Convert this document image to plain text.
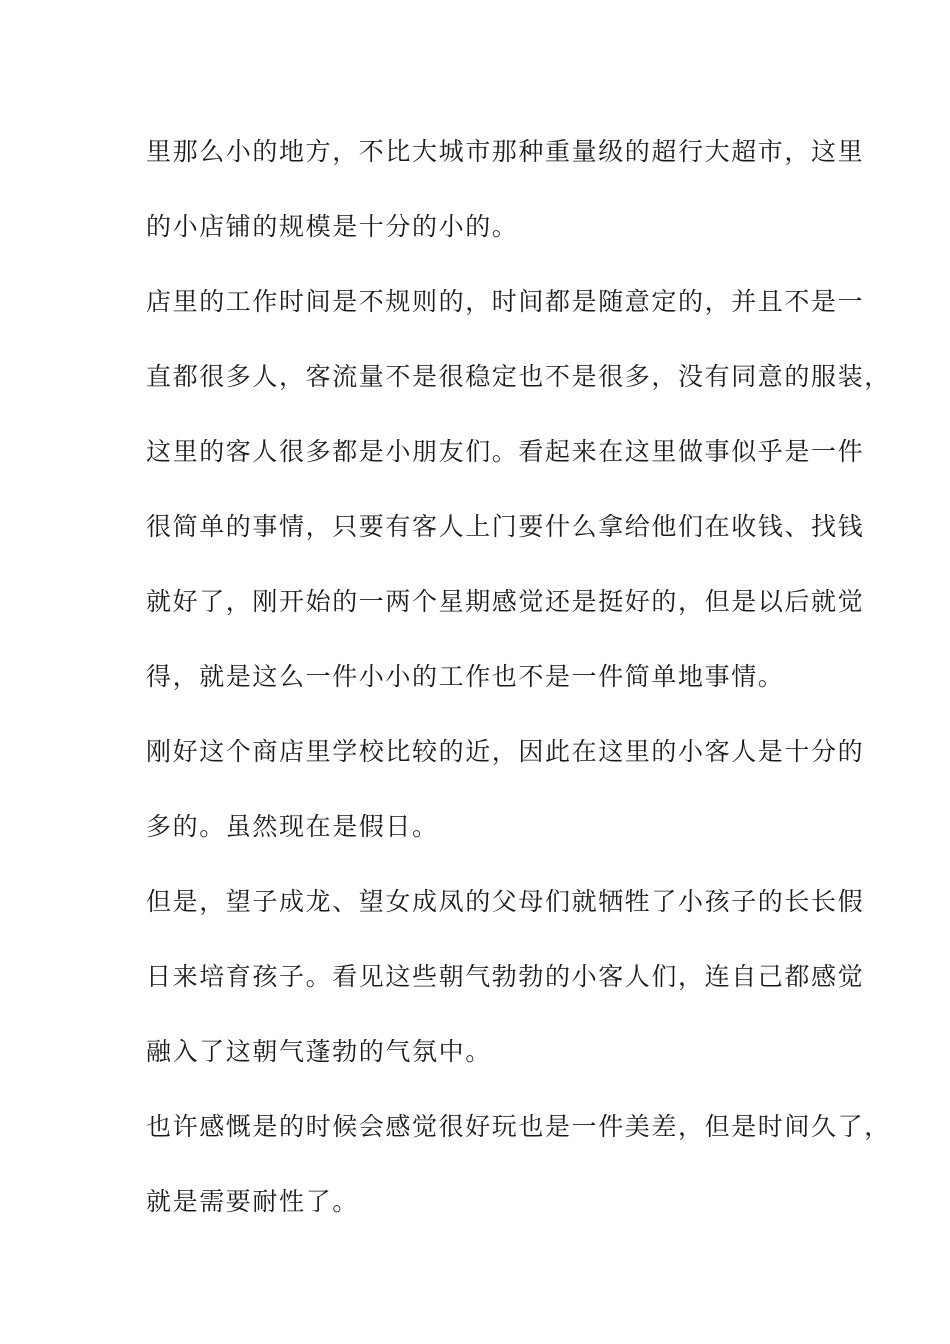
里那么小的地方，不比大城市那种重量级的超行大超市，这里
的小店铺的规模是十分的小的。
店里的工作时间是不规则的，时间都是随意定的，并且不是一
直都很多人，客流量不是很稳定也不是很多，没有同意的服装，
这里的客人很多都是小朋友们。看起来在这里做事似乎是一件
很简单的事情，只要有客人上门要什么拿给他们在收钱、找钱
就好了，刚开始的一两个星期感觉还是挺好的，但是以后就觉
得，就是这么一件小小的工作也不是一件简单地事情。
刚好这个商店里学校比较的近，因此在这里的小客人是十分的
多的。虽然现在是假日。
但是，望子成龙、望女成凤的父母们就牺牲了小孩子的长长假
日来培育孩子。看见这些朝气勃勃的小客人们，连自己都感觉
融入了这朝气蓬勃的气氛中。
也许感慨是的时候会感觉很好玩也是一件美差，但是时间久了，
就是需要耐性了。
